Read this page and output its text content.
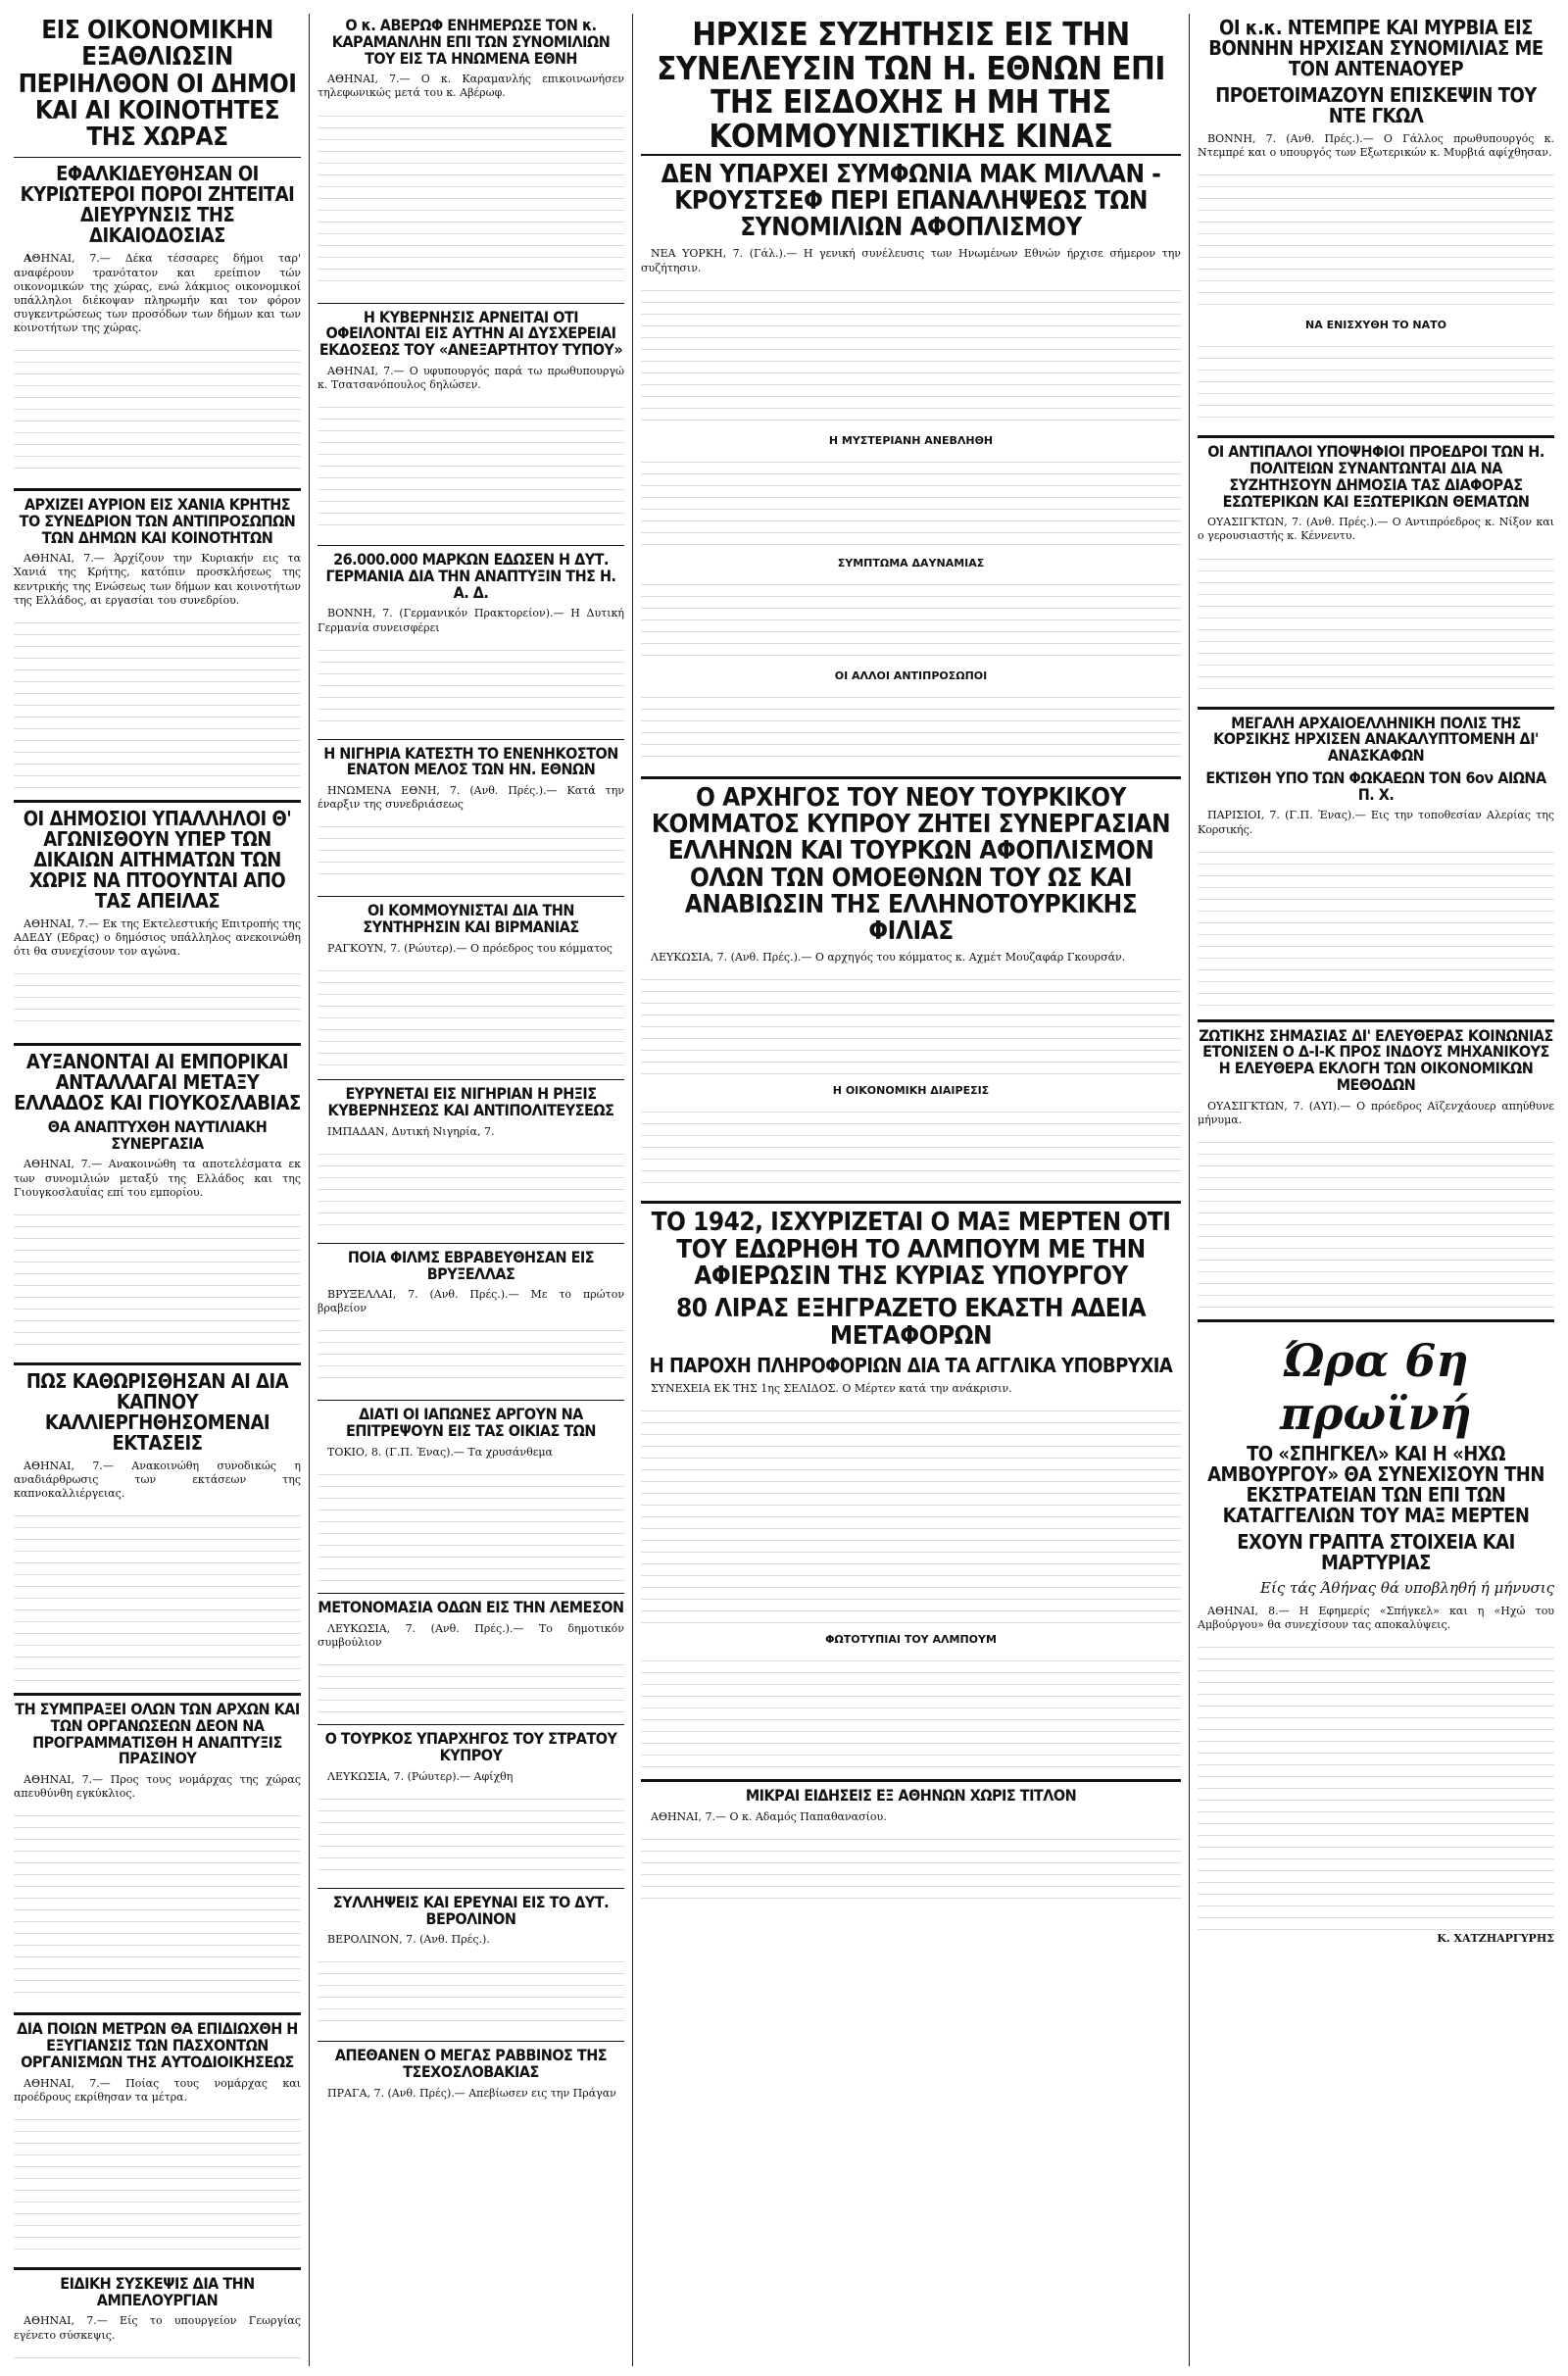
ΕΙΣ ΟΙΚΟΝΟΜΙΚΗΝ ΕΞΑΘΛΙΩΣΙΝ ΠΕΡΙΗΛΘΟΝ ΟΙ ΔΗΜΟΙ ΚΑΙ ΑΙ ΚΟΙΝΟΤΗΤΕΣ ΤΗΣ ΧΩΡΑΣ
ΕΦΑΛΚΙΔΕΥΘΗΣΑΝ ΟΙ ΚΥΡΙΩΤΕΡΟΙ ΠΟΡΟΙ ΖΗΤΕΙΤΑΙ ΔΙΕΥΡΥΝΣΙΣ ΤΗΣ ΔΙΚΑΙΟΔΟΣΙΑΣ

ΑΘΗΝΑΙ, 7.— Δέκα τέσσαρες δήμοι ταρ' αναφέρουν τρανότατον και ερείπιον τών οικονομικών της χώρας, ενώ λάκμιος οικονομικοί υπάλληλοι διέκοψαν πληρωμήν και τον φόρον συγκεντρώσεως των προσόδων των δήμων και των κοινοτήτων της χώρας.

ΑΡΧΙΖΕΙ ΑΥΡΙΟΝ ΕΙΣ ΧΑΝΙΑ ΚΡΗΤΗΣ ΤΟ ΣΥΝΕΔΡΙΟΝ ΤΩΝ ΑΝΤΙΠΡΟΣΩΠΩΝ ΤΩΝ ΔΗΜΩΝ ΚΑΙ ΚΟΙΝΟΤΗΤΩΝ

ΑΘΗΝΑΙ, 7.— Άρχίζουν την Κυριακήν εις τα Χανιά της Κρήτης, κατόπιν προσκλήσεως της κεντρικής της Ενώσεως των δήμων και κοινοτήτων της Ελλάδος, αι εργασίαι του συνεδρίου.

ΟΙ ΔΗΜΟΣΙΟΙ ΥΠΑΛΛΗΛΟΙ Θ' ΑΓΩΝΙΣΘΟΥΝ ΥΠΕΡ ΤΩΝ ΔΙΚΑΙΩΝ ΑΙΤΗΜΑΤΩΝ ΤΩΝ ΧΩΡΙΣ ΝΑ ΠΤΟΟΥΝΤΑΙ ΑΠΟ ΤΑΣ ΑΠΕΙΛΑΣ

ΑΘΗΝΑΙ, 7.— Εκ της Εκτελεστικής Επιτροπής της ΑΔΕΔΥ (Εδρας) ο δημόσιος υπάλληλος ανεκοινώθη ότι θα συνεχίσουν τον αγώνα.

ΑΥΞΑΝΟΝΤΑΙ ΑΙ ΕΜΠΟΡΙΚΑΙ ΑΝΤΑΛΛΑΓΑΙ ΜΕΤΑΞΥ ΕΛΛΑΔΟΣ ΚΑΙ ΓΙΟΥΚΟΣΛΑΒΙΑΣ
ΘΑ ΑΝΑΠΤΥΧΘΗ ΝΑΥΤΙΛΙΑΚΗ ΣΥΝΕΡΓΑΣΙΑ

ΑΘΗΝΑΙ, 7.— Ανακοινώθη τα αποτελέσματα εκ των συνομιλιών μεταξύ της Ελλάδος και της Γιουγκοσλαυΐας επί του εμπορίου.

ΠΩΣ ΚΑΘΩΡΙΣΘΗΣΑΝ ΑΙ ΔΙΑ ΚΑΠΝΟΥ ΚΑΛΛΙΕΡΓΗΘΗΣΟΜΕΝΑΙ ΕΚΤΑΣΕΙΣ

ΑΘΗΝΑΙ, 7.— Ανακοινώθη συνοδικώς η αναδιάρθρωσις των εκτάσεων της καπνοκαλλιέργειας.

ΤΗ ΣΥΜΠΡΑΞΕΙ ΟΛΩΝ ΤΩΝ ΑΡΧΩΝ ΚΑΙ ΤΩΝ ΟΡΓΑΝΩΣΕΩΝ ΔΕΟΝ ΝΑ ΠΡΟΓΡΑΜΜΑΤΙΣΘΗ Η ΑΝΑΠΤΥΞΙΣ ΠΡΑΣΙΝΟΥ

ΑΘΗΝΑΙ, 7.— Προς τους νομάρχας της χώρας απευθύνθη εγκύκλιος.

ΔΙΑ ΠΟΙΩΝ ΜΕΤΡΩΝ ΘΑ ΕΠΙΔΙΩΧΘΗ Η ΕΞΥΓΙΑΝΣΙΣ ΤΩΝ ΠΑΣΧΟΝΤΩΝ ΟΡΓΑΝΙΣΜΩΝ ΤΗΣ ΑΥΤΟΔΙΟΙΚΗΣΕΩΣ

ΑΘΗΝΑΙ, 7.— Ποίας τους νομάρχας και προέδρους εκρίθησαν τα μέτρα.

ΕΙΔΙΚΗ ΣΥΣΚΕΨΙΣ ΔΙΑ ΤΗΝ ΑΜΠΕΛΟΥΡΓΙΑΝ

ΑΘΗΝΑΙ, 7.— Είς το υπουργείον Γεωργίας εγένετο σύσκεψις.

Ο κ. ΑΒΕΡΩΦ ΕΝΗΜΕΡΩΣΕ ΤΟΝ κ. ΚΑΡΑΜΑΝΛΗΝ ΕΠΙ ΤΩΝ ΣΥΝΟΜΙΛΙΩΝ ΤΟΥ ΕΙΣ ΤΑ ΗΝΩΜΕΝΑ ΕΘΝΗ

ΑΘΗΝΑΙ, 7.— Ο κ. Καραμανλής επικοινωνήσεν τηλεφωνικώς μετά του κ. Αβέρωφ.

Η ΚΥΒΕΡΝΗΣΙΣ ΑΡΝΕΙΤΑΙ ΟΤΙ ΟΦΕΙΛΟΝΤΑΙ ΕΙΣ ΑΥΤΗΝ ΑΙ ΔΥΣΧΕΡΕΙΑΙ ΕΚΔΟΣΕΩΣ ΤΟΥ «ΑΝΕΞΑΡΤΗΤΟΥ ΤΥΠΟΥ»

ΑΘΗΝΑΙ, 7.— Ο υφυπουργός παρά τω πρωθυπουργώ κ. Τσατσανόπουλος δηλώσεν.

26.000.000 ΜΑΡΚΩΝ ΕΔΩΣΕΝ Η ΔΥΤ. ΓΕΡΜΑΝΙΑ ΔΙΑ ΤΗΝ ΑΝΑΠΤΥΞΙΝ ΤΗΣ Η. Α. Δ.

ΒΟΝΝΗ, 7. (Γερμανικόν Πρακτορείον).— Η Δυτική Γερμανία συνεισφέρει

Η ΝΙΓΗΡΙΑ ΚΑΤΕΣΤΗ ΤΟ ΕΝΕΝΗΚΟΣΤΟΝ ΕΝΑΤΟΝ ΜΕΛΟΣ ΤΩΝ ΗΝ. ΕΘΝΩΝ

ΗΝΩΜΕΝΑ ΕΘΝΗ, 7. (Ανθ. Πρές.).— Κατά την έναρξιν της συνεδριάσεως

ΟΙ ΚΟΜΜΟΥΝΙΣΤΑΙ ΔΙΑ ΤΗΝ ΣΥΝΤΗΡΗΣΙΝ ΚΑΙ ΒΙΡΜΑΝΙΑΣ

ΡΑΓΚΟΥΝ, 7. (Ρώυτερ).— Ο πρόεδρος του κόμματος

ΕΥΡΥΝΕΤΑΙ ΕΙΣ ΝΙΓΗΡΙΑΝ Η ΡΗΞΙΣ ΚΥΒΕΡΝΗΣΕΩΣ ΚΑΙ ΑΝΤΙΠΟΛΙΤΕΥΣΕΩΣ

ΙΜΠΑΔΑΝ, Δυτική Νιγηρία, 7.

ΠΟΙΑ ΦΙΛΜΣ ΕΒΡΑΒΕΥΘΗΣΑΝ ΕΙΣ ΒΡΥΞΕΛΛΑΣ

ΒΡΥΞΕΛΛΑΙ, 7. (Ανθ. Πρές.).— Με το πρώτον βραβείον

ΔΙΑΤΙ ΟΙ ΙΑΠΩΝΕΣ ΑΡΓΟΥΝ ΝΑ ΕΠΙΤΡΕΨΟΥΝ ΕΙΣ ΤΑΣ ΟΙΚΙΑΣ ΤΩΝ

ΤΟΚΙΟ, 8. (Γ.Π. Ένας).— Τα χρυσάνθεμα

ΜΕΤΟΝΟΜΑΣΙΑ ΟΔΩΝ ΕΙΣ ΤΗΝ ΛΕΜΕΣΟΝ

ΛΕΥΚΩΣΙΑ, 7. (Ανθ. Πρές.).— Το δημοτικόν συμβούλιον

Ο ΤΟΥΡΚΟΣ ΥΠΑΡΧΗΓΟΣ ΤΟΥ ΣΤΡΑΤΟΥ ΚΥΠΡΟΥ

ΛΕΥΚΩΣΙΑ, 7. (Ρώυτερ).— Αφίχθη

ΣΥΛΛΗΨΕΙΣ ΚΑΙ ΕΡΕΥΝΑΙ ΕΙΣ ΤΟ ΔΥΤ. ΒΕΡΟΛΙΝΟΝ

ΒΕΡΟΛΙΝΟΝ, 7. (Ανθ. Πρές.).

ΑΠΕΘΑΝΕΝ Ο ΜΕΓΑΣ ΡΑΒΒΙΝΟΣ ΤΗΣ ΤΣΕΧΟΣΛΟΒΑΚΙΑΣ

ΠΡΑΓΑ, 7. (Ανθ. Πρές).— Απεβίωσεν εις την Πράγαν

ΗΡΧΙΣΕ ΣΥΖΗΤΗΣΙΣ ΕΙΣ ΤΗΝ ΣΥΝΕΛΕΥΣΙΝ ΤΩΝ Η. ΕΘΝΩΝ ΕΠΙ ΤΗΣ ΕΙΣΔΟΧΗΣ Η ΜΗ ΤΗΣ ΚΟΜΜΟΥΝΙΣΤΙΚΗΣ ΚΙΝΑΣ
ΔΕΝ ΥΠΑΡΧΕΙ ΣΥΜΦΩΝΙΑ ΜΑΚ ΜΙΛΛΑΝ - ΚΡΟΥΣΤΣΕΦ ΠΕΡΙ ΕΠΑΝΑΛΗΨΕΩΣ ΤΩΝ ΣΥΝΟΜΙΛΙΩΝ ΑΦΟΠΛΙΣΜΟΥ

ΝΕΑ ΥΟΡΚΗ, 7. (Γάλ.).— Η γενική συνέλευσις των Ηνωμένων Εθνών ήρχισε σήμερον την συζήτησιν.

Η ΜΥΣΤΕΡΙΑΝΗ ΑΝΕΒΛΗΘΗ
ΣΥΜΠΤΩΜΑ ΔΑΥΝΑΜΙΑΣ
ΟΙ ΑΛΛΟΙ ΑΝΤΙΠΡΟΣΩΠΟΙ
Ο ΑΡΧΗΓΟΣ ΤΟΥ ΝΕΟΥ ΤΟΥΡΚΙΚΟΥ ΚΟΜΜΑΤΟΣ ΚΥΠΡΟΥ ΖΗΤΕΙ ΣΥΝΕΡΓΑΣΙΑΝ ΕΛΛΗΝΩΝ ΚΑΙ ΤΟΥΡΚΩΝ ΑΦΟΠΛΙΣΜΟΝ ΟΛΩΝ ΤΩΝ ΟΜΟΕΘΝΩΝ ΤΟΥ ΩΣ ΚΑΙ ΑΝΑΒΙΩΣΙΝ ΤΗΣ ΕΛΛΗΝΟΤΟΥΡΚΙΚΗΣ ΦΙΛΙΑΣ

ΛΕΥΚΩΣΙΑ, 7. (Ανθ. Πρές.).— Ο αρχηγός του κόμματος κ. Αχμέτ Μουζαφάρ Γκουρσάν.

Η ΟΙΚΟΝΟΜΙΚΗ ΔΙΑΙΡΕΣΙΣ
ΤΟ 1942, ΙΣΧΥΡΙΖΕΤΑΙ Ο ΜΑΞ ΜΕΡΤΕΝ ΟΤΙ ΤΟΥ ΕΔΩΡΗΘΗ ΤΟ ΑΛΜΠΟΥΜ ΜΕ ΤΗΝ ΑΦΙΕΡΩΣΙΝ ΤΗΣ ΚΥΡΙΑΣ ΥΠΟΥΡΓΟΥ
80 ΛΙΡΑΣ ΕΞΗΓΡΑΖΕΤΟ ΕΚΑΣΤΗ ΑΔΕΙΑ ΜΕΤΑΦΟΡΩΝ
Η ΠΑΡΟΧΗ ΠΛΗΡΟΦΟΡΙΩΝ ΔΙΑ ΤΑ ΑΓΓΛΙΚΑ ΥΠΟΒΡΥΧΙΑ

ΣΥΝΕΧΕΙΑ ΕΚ ΤΗΣ 1ης ΣΕΛΙΔΟΣ. Ο Μέρτεν κατά την ανάκρισιν.

ΦΩΤΟΤΥΠΙΑΙ ΤΟΥ ΑΛΜΠΟΥΜ
ΜΙΚΡΑΙ ΕΙΔΗΣΕΙΣ ΕΞ ΑΘΗΝΩΝ ΧΩΡΙΣ ΤΙΤΛΟΝ

ΑΘΗΝΑΙ, 7.— Ο κ. Αδαμός Παπαθανασίου.

ΟΙ κ.κ. ΝΤΕΜΠΡΕ ΚΑΙ ΜΥΡΒΙΑ ΕΙΣ ΒΟΝΝΗΝ ΗΡΧΙΣΑΝ ΣΥΝΟΜΙΛΙΑΣ ΜΕ ΤΟΝ ΑΝΤΕΝΑΟΥΕΡ
ΠΡΟΕΤΟΙΜΑΖΟΥΝ ΕΠΙΣΚΕΨΙΝ ΤΟΥ ΝΤΕ ΓΚΩΛ

ΒΟΝΝΗ, 7. (Ανθ. Πρές.).— Ο Γάλλος πρωθυπουργός κ. Ντεμπρέ και ο υπουργός των Εξωτερικών κ. Μυρβιά αφίχθησαν.

ΝΑ ΕΝΙΣΧΥΘΗ ΤΟ ΝΑΤΟ
ΟΙ ΑΝΤΙΠΑΛΟΙ ΥΠΟΨΗΦΙΟΙ ΠΡΟΕΔΡΟΙ ΤΩΝ Η. ΠΟΛΙΤΕΙΩΝ ΣΥΝΑΝΤΩΝΤΑΙ ΔΙΑ ΝΑ ΣΥΖΗΤΗΣΟΥΝ ΔΗΜΟΣΙΑ ΤΑΣ ΔΙΑΦΟΡΑΣ ΕΣΩΤΕΡΙΚΩΝ ΚΑΙ ΕΞΩΤΕΡΙΚΩΝ ΘΕΜΑΤΩΝ

ΟΥΑΣΙΓΚΤΩΝ, 7. (Ανθ. Πρές.).— Ο Αντιπρόεδρος κ. Νίξον και ο γερουσιαστής κ. Κέννεντυ.

ΜΕΓΑΛΗ ΑΡΧΑΙΟΕΛΛΗΝΙΚΗ ΠΟΛΙΣ ΤΗΣ ΚΟΡΣΙΚΗΣ ΗΡΧΙΣΕΝ ΑΝΑΚΑΛΥΠΤΟΜΕΝΗ ΔΙ' ΑΝΑΣΚΑΦΩΝ
ΕΚΤΙΣΘΗ ΥΠΟ ΤΩΝ ΦΩΚΑΕΩΝ ΤΟΝ 6ον ΑΙΩΝΑ Π. Χ.

ΠΑΡΙΣΙΟΙ, 7. (Γ.Π. Ένας).— Εις την τοποθεσίαν Αλερίας της Κορσικής.

ΖΩΤΙΚΗΣ ΣΗΜΑΣΙΑΣ ΔΙ' ΕΛΕΥΘΕΡΑΣ ΚΟΙΝΩΝΙΑΣ ΕΤΟΝΙΣΕΝ Ο Δ-Ι-Κ ΠΡΟΣ ΙΝΔΟΥΣ ΜΗΧΑΝΙΚΟΥΣ Η ΕΛΕΥΘΕΡΑ ΕΚΛΟΓΗ ΤΩΝ ΟΙΚΟΝΟΜΙΚΩΝ ΜΕΘΟΔΩΝ

ΟΥΑΣΙΓΚΤΩΝ, 7. (ΑΥΙ).— Ο πρόεδρος Αϊζενχάουερ απηύθυνε μήνυμα.

Ώρα 6η πρωϊνή
ΤΟ «ΣΠΗΓΚΕΛ» ΚΑΙ Η «ΗΧΩ ΑΜΒΟΥΡΓΟΥ» ΘΑ ΣΥΝΕΧΙΣΟΥΝ ΤΗΝ ΕΚΣΤΡΑΤΕΙΑΝ ΤΩΝ ΕΠΙ ΤΩΝ ΚΑΤΑΓΓΕΛΙΩΝ ΤΟΥ ΜΑΞ ΜΕΡΤΕΝ
ΕΧΟΥΝ ΓΡΑΠΤΑ ΣΤΟΙΧΕΙΑ ΚΑΙ ΜΑΡΤΥΡΙΑΣ
Είς τάς Άθήνας θά υποβληθή ή μήνυσις

ΑΘΗΝΑΙ, 8.— Η Εφημερίς «Σπήγκελ» και η «Ηχώ του Αμβούργου» θα συνεχίσουν τας αποκαλύψεις.

Κ. ΧΑΤΖΗΑΡΓΥΡΗΣ
